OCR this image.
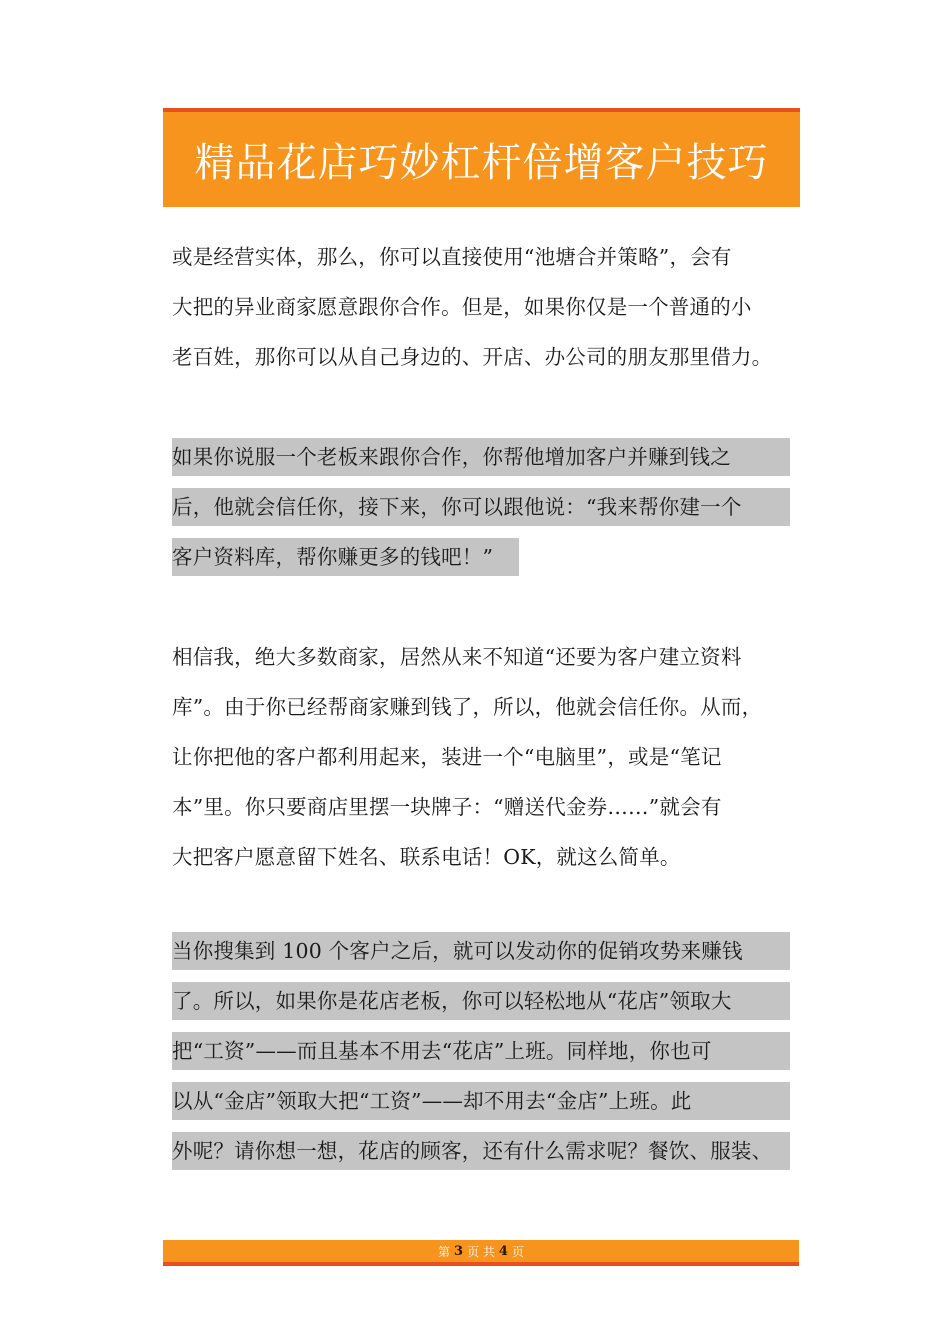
精品花店巧妙杠杆倍增客户技巧
或是经营实体，那么，你可以直接使用“池塘合并策略”，会有
大把的异业商家愿意跟你合作。但是，如果你仅是一个普通的小
老百姓，那你可以从自己身边的、开店、办公司的朋友那里借力。
如果你说服一个老板来跟你合作，你帮他增加客户并赚到钱之
后，他就会信任你，接下来，你可以跟他说：“我来帮你建一个
客户资料库，帮你赚更多的钱吧！”
相信我，绝大多数商家，居然从来不知道“还要为客户建立资料
库”。由于你已经帮商家赚到钱了，所以，他就会信任你。从而，
让你把他的客户都利用起来，装进一个“电脑里”，或是“笔记
本”里。你只要商店里摆一块牌子：“赠送代金券……”就会有
大把客户愿意留下姓名、联系电话！OK，就这么简单。
当你搜集到 100 个客户之后，就可以发动你的促销攻势来赚钱
了。所以，如果你是花店老板，你可以轻松地从“花店”领取大
把“工资”——而且基本不用去“花店”上班。同样地，你也可
以从“金店”领取大把“工资”——却不用去“金店”上班。此
外呢？请你想一想，花店的顾客，还有什么需求呢？餐饮、服装、
第 3 页 共 4 页
